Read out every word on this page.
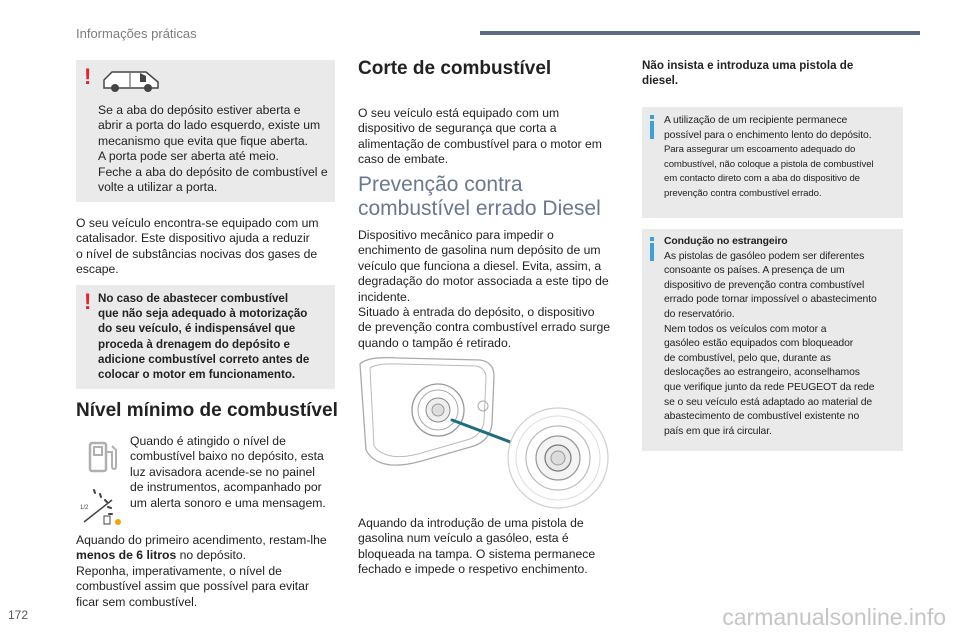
Informações práticas
!

Se a aba do depósito estiver aberta e

abrir a porta do lado esquerdo, existe um

mecanismo que evita que fique aberta.

A porta pode ser aberta até meio.

Feche a aba do depósito de combustível e

volte a utilizar a porta.

O seu veículo encontra-se equipado com um

catalisador. Este dispositivo ajuda a reduzir

o nível de substâncias nocivas dos gases de

escape.

! No caso de abastecer combustível

que não seja adequado à motorização

do seu veículo, é indispensável que

proceda à drenagem do depósito e

adicione combustível correto antes de

colocar o motor em funcionamento.

Nível mínimo de combustível
1/2

Quando é atingido o nível de

combustível baixo no depósito, esta

luz avisadora acende-se no painel

de instrumentos, acompanhado por

um alerta sonoro e uma mensagem.

Aquando do primeiro acendimento, restam-lhe

menos de 6 litros no depósito.

Reponha, imperativamente, o nível de

combustível assim que possível para evitar

ficar sem combustível.

Corte de combustível

O seu veículo está equipado com um

dispositivo de segurança que corta a

alimentação de combustível para o motor em

caso de embate.

Prevenção contra

combustível errado Diesel

Dispositivo mecânico para impedir o

enchimento de gasolina num depósito de um

veículo que funciona a diesel. Evita, assim, a

degradação do motor associada a este tipo de

incidente.

Situado à entrada do depósito, o dispositivo

de prevenção contra combustível errado surge

quando o tampão é retirado.

Aquando da introdução de uma pistola de

gasolina num veículo a gasóleo, esta é

bloqueada na tampa. O sistema permanece

fechado e impede o respetivo enchimento.

Não insista e introduza uma pistola de

diesel.

A utilização de um recipiente permanece

possível para o enchimento lento do depósito.

Para assegurar um escoamento adequado do

combustível, não coloque a pistola de combustível

em contacto direto com a aba do dispositivo de

prevenção contra combustível errado.

Condução no estrangeiro

As pistolas de gasóleo podem ser diferentes

consoante os países. A presença de um

dispositivo de prevenção contra combustível

errado pode tornar impossível o abastecimento

do reservatório.

Nem todos os veículos com motor a

gasóleo estão equipados com bloqueador

de combustível, pelo que, durante as

deslocações ao estrangeiro, aconselhamos

que verifique junto da rede PEUGEOT da rede

se o seu veículo está adaptado ao material de

abastecimento de combustível existente no

país em que irá circular.

172	carmanualsonline.info
